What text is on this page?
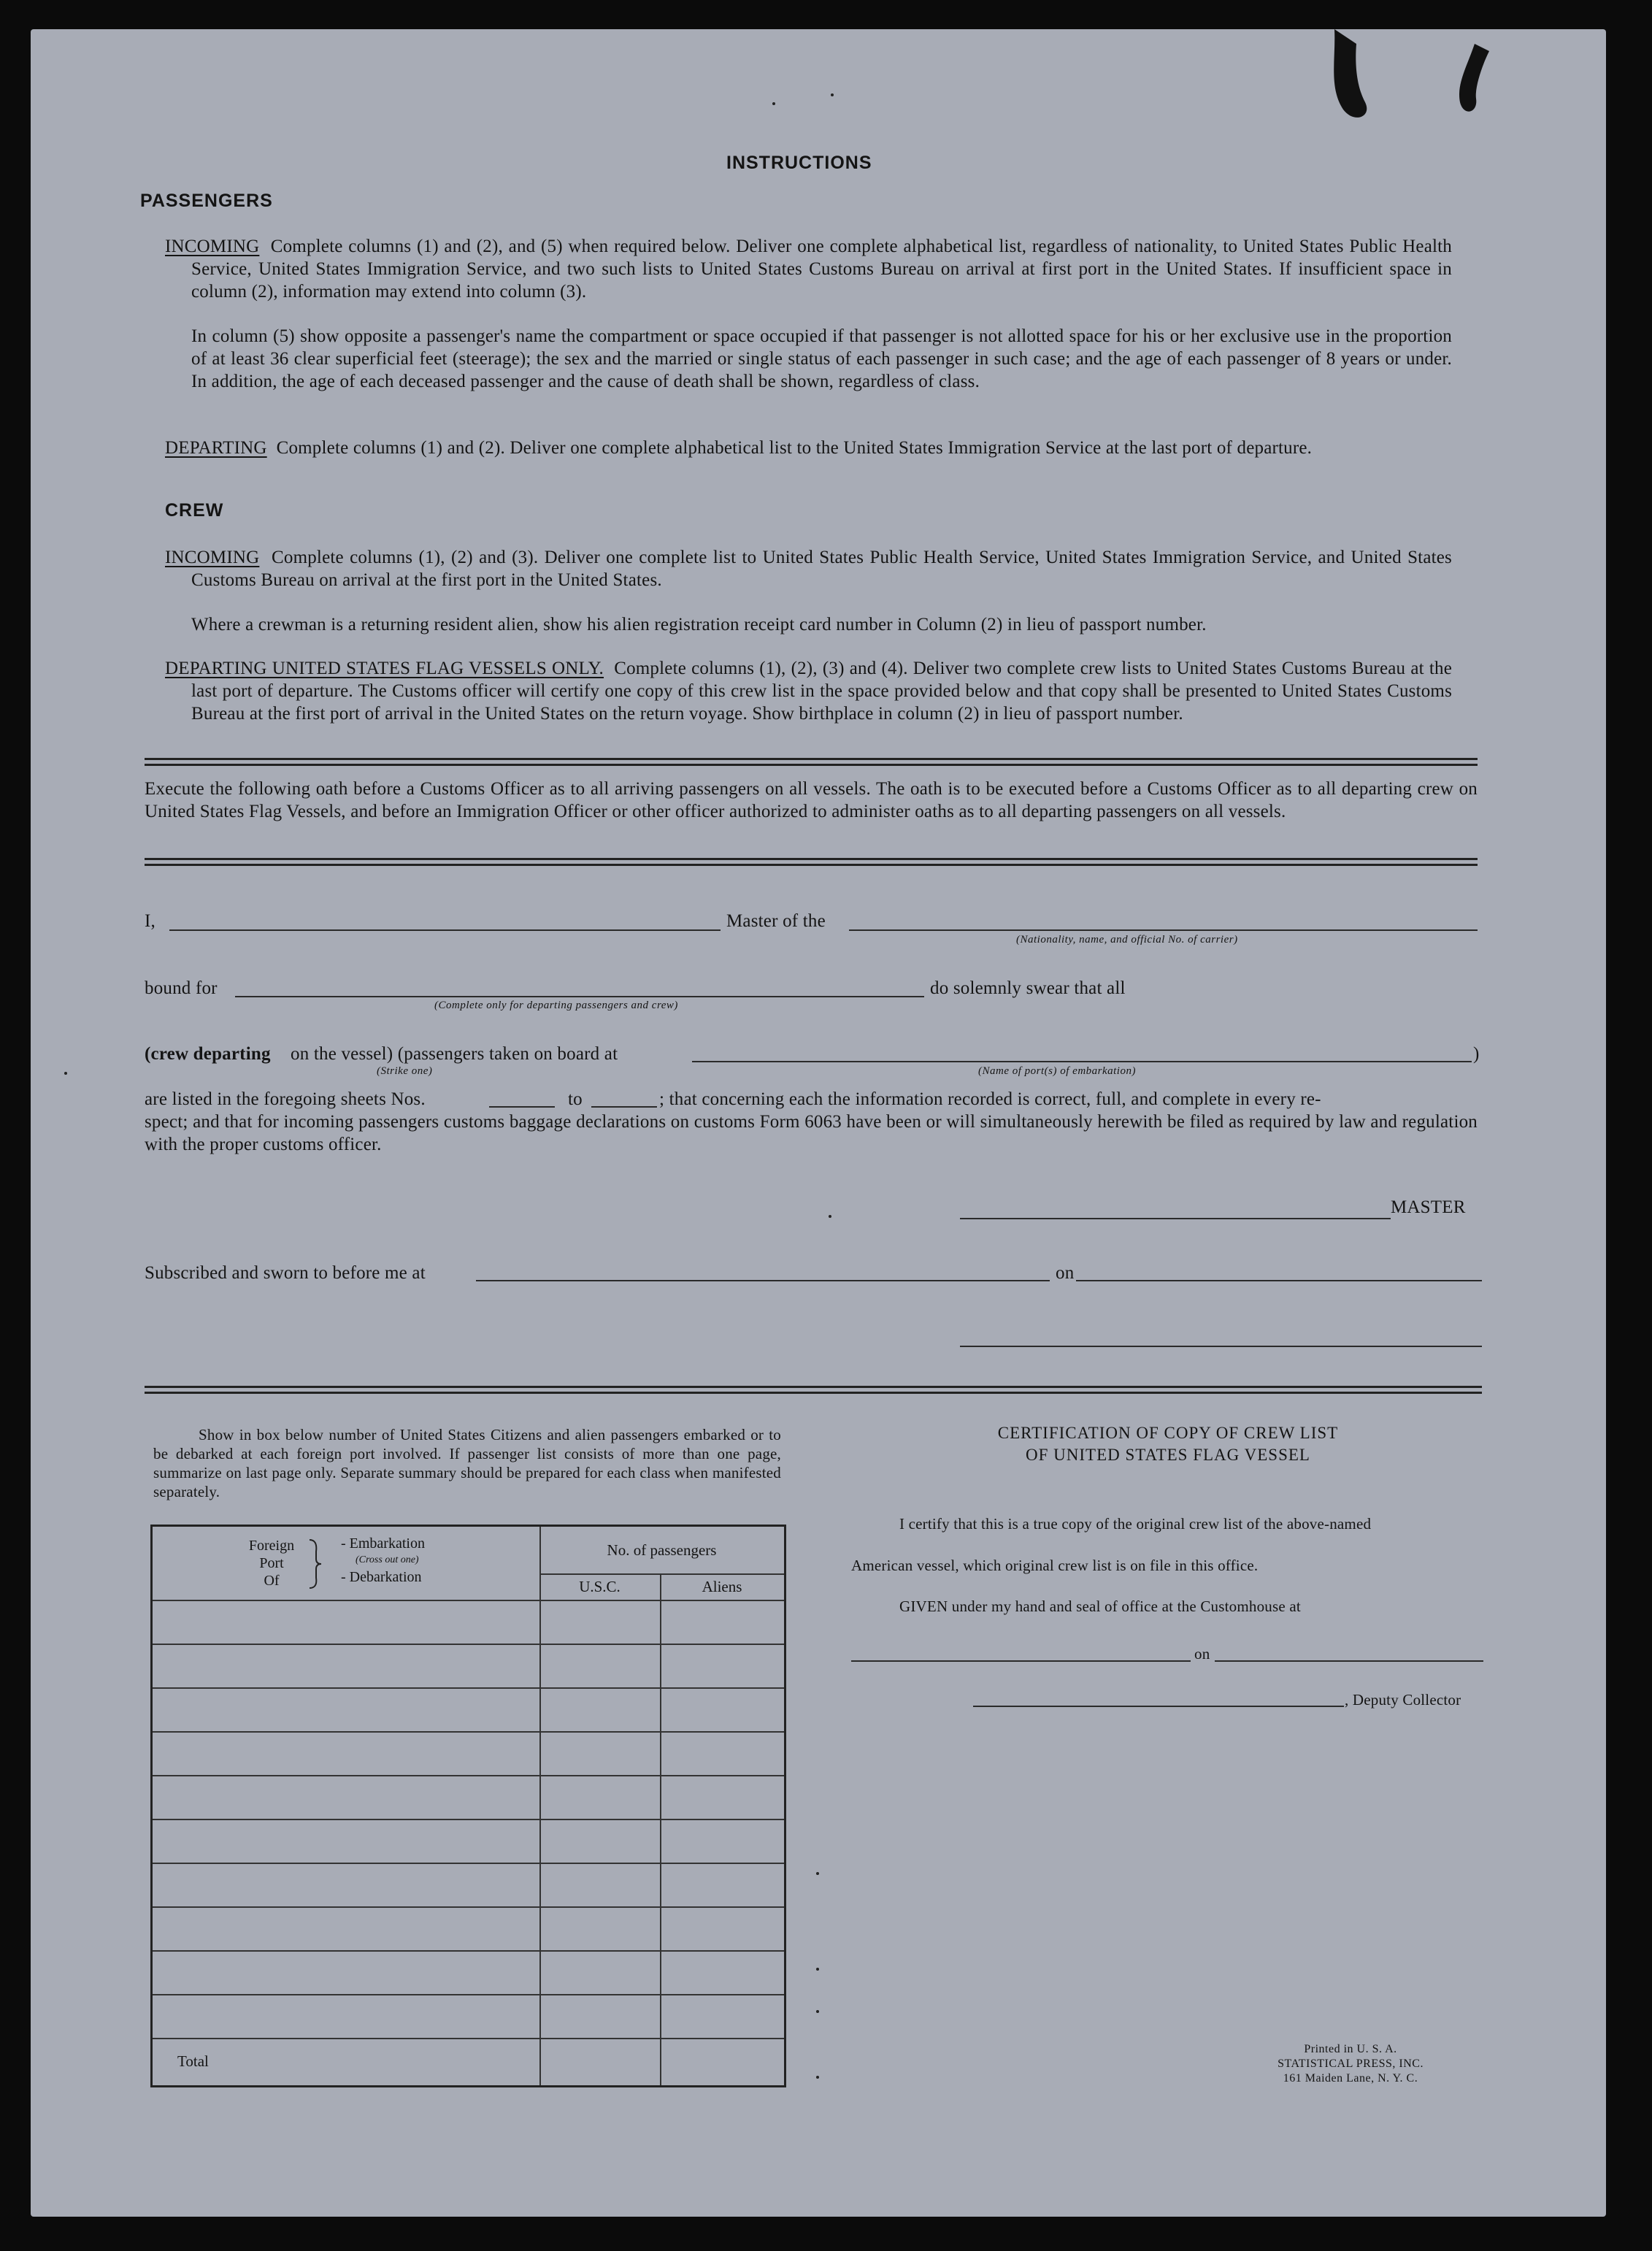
INSTRUCTIONS
PASSENGERS
INCOMING Complete columns (1) and (2), and (5) when required below. Deliver one complete alphabetical list, regardless of nationality, to United States Public Health Service, United States Immigration Service, and two such lists to United States Customs Bureau on arrival at first port in the United States. If insufficient space in column (2), information may extend into column (3).
In column (5) show opposite a passenger's name the compartment or space occupied if that passenger is not allotted space for his or her exclusive use in the proportion of at least 36 clear superficial feet (steerage); the sex and the married or single status of each passenger in such case; and the age of each passenger of 8 years or under. In addition, the age of each deceased passenger and the cause of death shall be shown, regardless of class.
DEPARTING Complete columns (1) and (2). Deliver one complete alphabetical list to the United States Immigration Service at the last port of departure.
CREW
INCOMING Complete columns (1), (2) and (3). Deliver one complete list to United States Public Health Service, United States Immigration Service, and United States Customs Bureau on arrival at the first port in the United States.
Where a crewman is a returning resident alien, show his alien registration receipt card number in Column (2) in lieu of passport number.
DEPARTING UNITED STATES FLAG VESSELS ONLY. Complete columns (1), (2), (3) and (4). Deliver two complete crew lists to United States Customs Bureau at the last port of departure. The Customs officer will certify one copy of this crew list in the space provided below and that copy shall be presented to United States Customs Bureau at the first port of arrival in the United States on the return voyage. Show birthplace in column (2) in lieu of passport number.
Execute the following oath before a Customs Officer as to all arriving passengers on all vessels. The oath is to be executed before a Customs Officer as to all departing crew on United States Flag Vessels, and before an Immigration Officer or other officer authorized to administer oaths as to all departing passengers on all vessels.
I,	Master of the
(Nationality, name, and official No. of carrier)
bound for
(Complete only for departing passengers and crew)
do solemnly swear that all
(crew departing on the vessel) (passengers taken on board at
(Strike one)
)
(Name of port(s) of embarkation)
are listed in the foregoing sheets Nos.	to	; that concerning each the information recorded is correct, full, and complete in every re-
spect; and that for incoming passengers customs baggage declarations on customs Form 6063 have been or will simultaneously herewith be filed as required by law and regulation with the proper customs officer.
MASTER
Subscribed and sworn to before me at	on
Show in box below number of United States Citizens and alien passengers embarked or to be debarked at each foreign port involved. If passenger list consists of more than one page, summarize on last page only. Separate summary should be prepared for each class when manifested separately.
Foreign
Port
Of
- Embarkation
(Cross out one)
- Debarkation
No. of passengers
U.S.C.	Aliens
Total
CERTIFICATION OF COPY OF CREW LIST
OF UNITED STATES FLAG VESSEL
I certify that this is a true copy of the original crew list of the above-named
American vessel, which original crew list is on file in this office.
GIVEN under my hand and seal of office at the Customhouse at
on
, Deputy Collector
Printed in U. S. A.
STATISTICAL PRESS, INC.
161 Maiden Lane, N. Y. C.
